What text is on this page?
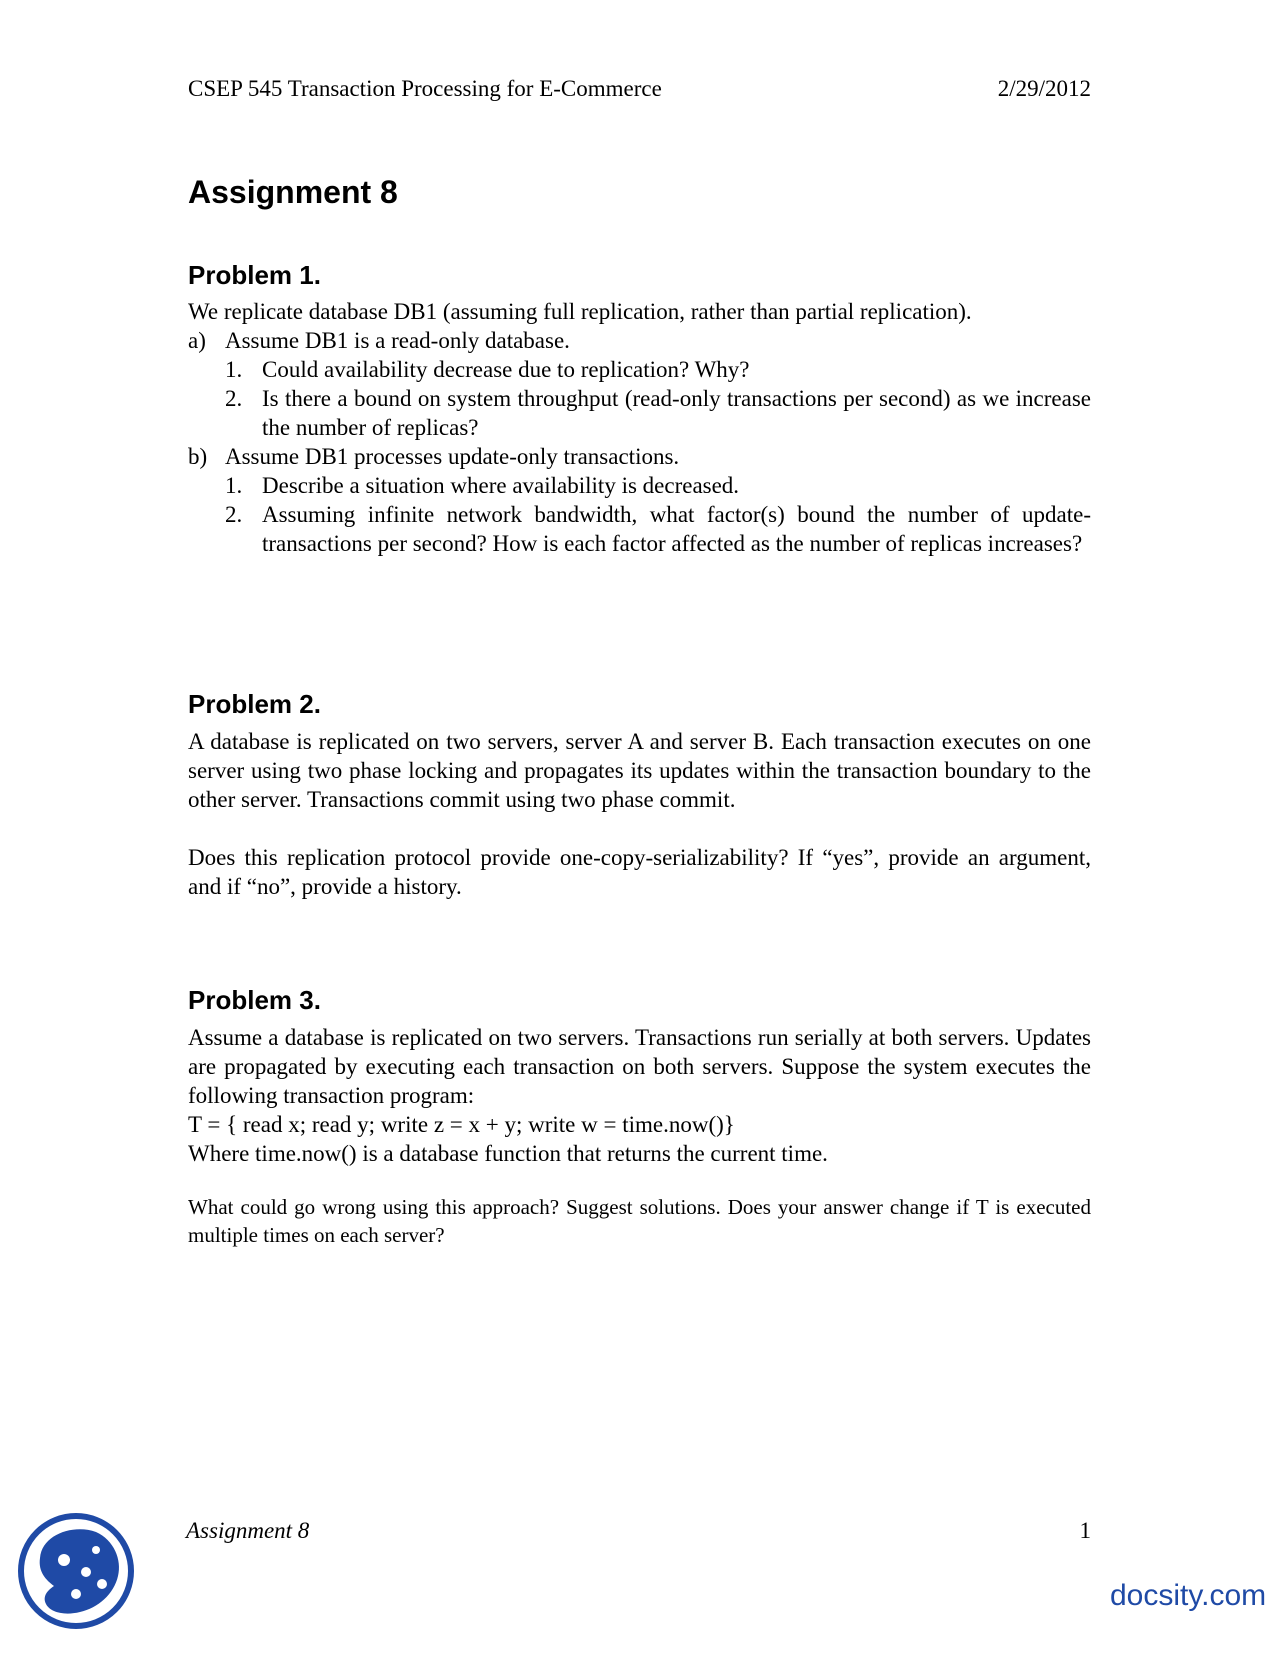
CSEP 545 Transaction Processing for E-Commerce	2/29/2012
Assignment 8
Problem 1.

We replicate database DB1 (assuming full replication, rather than partial replication).

a) Assume DB1 is a read-only database.

1. Could availability decrease due to replication? Why?

2. Is there a bound on system throughput (read-only transactions per second) as we increase the number of replicas?

b) Assume DB1 processes update-only transactions.

1. Describe a situation where availability is decreased.

2. Assuming infinite network bandwidth, what factor(s) bound the number of update-transactions per second? How is each factor affected as the number of replicas increases?

Problem 2.

A database is replicated on two servers, server A and server B. Each transaction executes on one server using two phase locking and propagates its updates within the transaction boundary to the other server. Transactions commit using two phase commit.

Does this replication protocol provide one-copy-serializability? If “yes”, provide an argument, and if “no”, provide a history.

Problem 3.

Assume a database is replicated on two servers. Transactions run serially at both servers. Updates are propagated by executing each transaction on both servers. Suppose the system executes the following transaction program:

T = { read x; read y; write z = x + y; write w = time.now()}

Where time.now() is a database function that returns the current time.

What could go wrong using this approach? Suggest solutions. Does your answer change if T is executed multiple times on each server?

Assignment 8	1
docsity.com
